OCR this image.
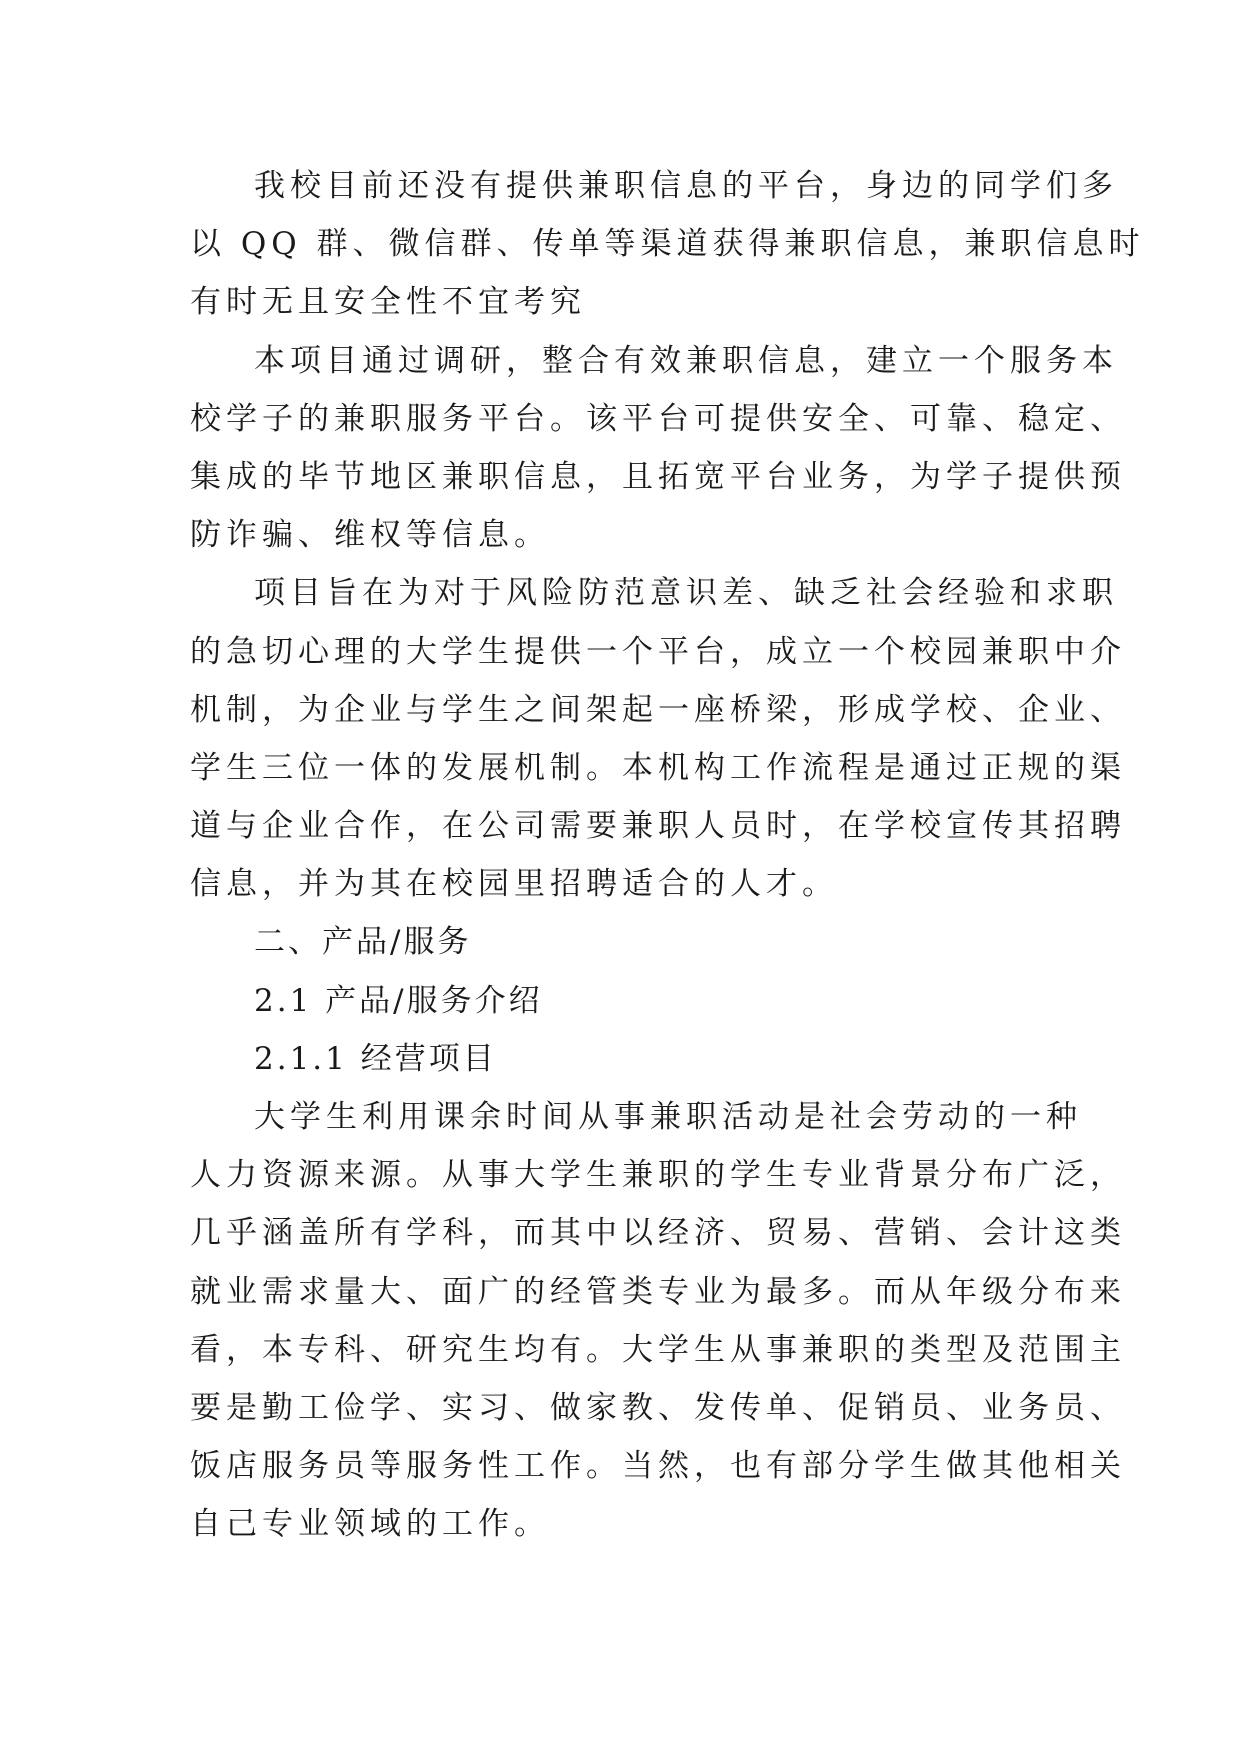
我校目前还没有提供兼职信息的平台，身边的同学们多
以 QQ 群、微信群、传单等渠道获得兼职信息，兼职信息时
有时无且安全性不宜考究
本项目通过调研，整合有效兼职信息，建立一个服务本
校学子的兼职服务平台。该平台可提供安全、可靠、稳定、
集成的毕节地区兼职信息，且拓宽平台业务，为学子提供预
防诈骗、维权等信息。
项目旨在为对于风险防范意识差、缺乏社会经验和求职
的急切心理的大学生提供一个平台，成立一个校园兼职中介
机制，为企业与学生之间架起一座桥梁，形成学校、企业、
学生三位一体的发展机制。本机构工作流程是通过正规的渠
道与企业合作，在公司需要兼职人员时，在学校宣传其招聘
信息，并为其在校园里招聘适合的人才。
二、产品/服务
2.1 产品/服务介绍
2.1.1 经营项目
大学生利用课余时间从事兼职活动是社会劳动的一种
人力资源来源。从事大学生兼职的学生专业背景分布广泛，
几乎涵盖所有学科，而其中以经济、贸易、营销、会计这类
就业需求量大、面广的经管类专业为最多。而从年级分布来
看，本专科、研究生均有。大学生从事兼职的类型及范围主
要是勤工俭学、实习、做家教、发传单、促销员、业务员、
饭店服务员等服务性工作。当然，也有部分学生做其他相关
自己专业领域的工作。
